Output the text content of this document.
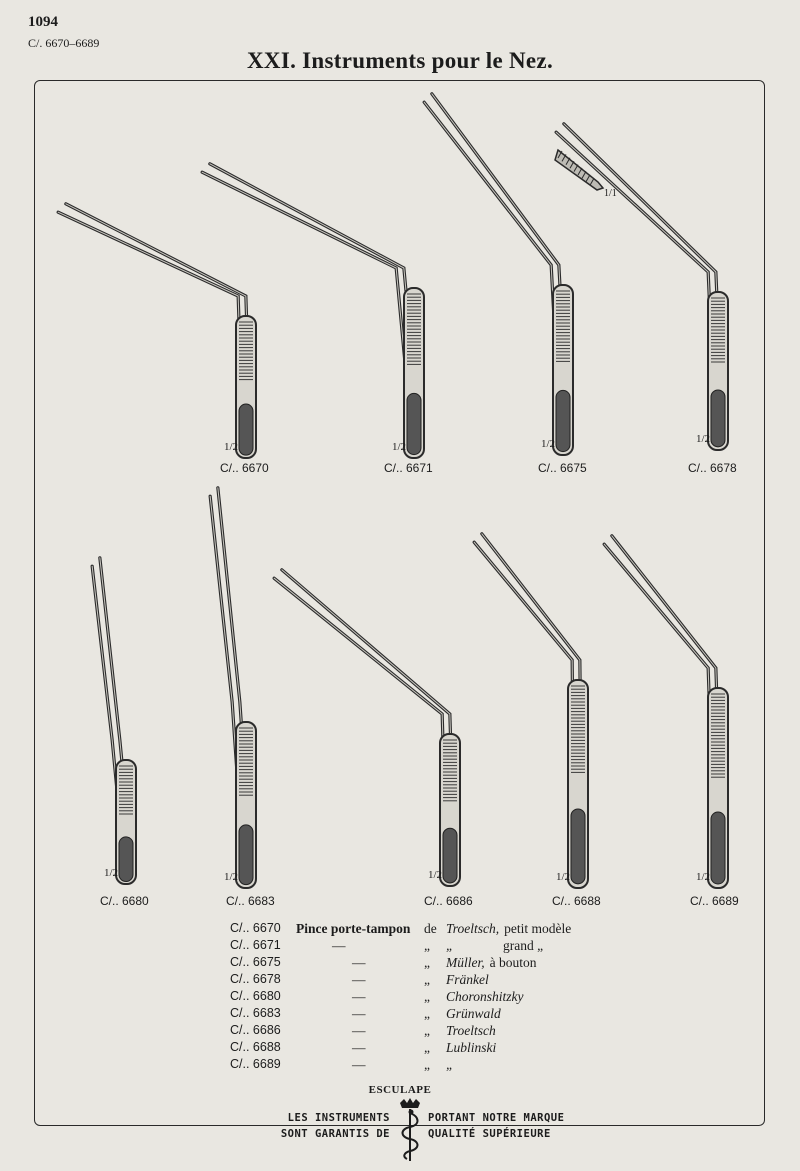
1094
C/. 6670–6689
XXI. Instruments pour le Nez.
1/2	1/2	1/2	1/2
1/2	1/2	1/2	1/2	1/2
1/1
C/.. 6670	C/.. 6671	C/.. 6675	C/.. 6678
C/.. 6680	C/.. 6683	C/.. 6686	C/.. 6688	C/.. 6689
C/.. 6670	Pince porte-tampon	de Troeltsch, petit modèle
C/.. 6671	—	„	„	grand „
C/.. 6675	—	„	Müller, à bouton
C/.. 6678	—	„	Fränkel
C/.. 6680	—	„	Choronshitzky
C/.. 6683	—	„	Grünwald
C/.. 6686	—	„	Troeltsch
C/.. 6688	—	„	Lublinski
C/.. 6689	—	„	„
ESCULAPE
LES INSTRUMENTS	PORTANT NOTRE MARQUE
SONT GARANTIS DE	QUALITÉ SUPÉRIEURE
